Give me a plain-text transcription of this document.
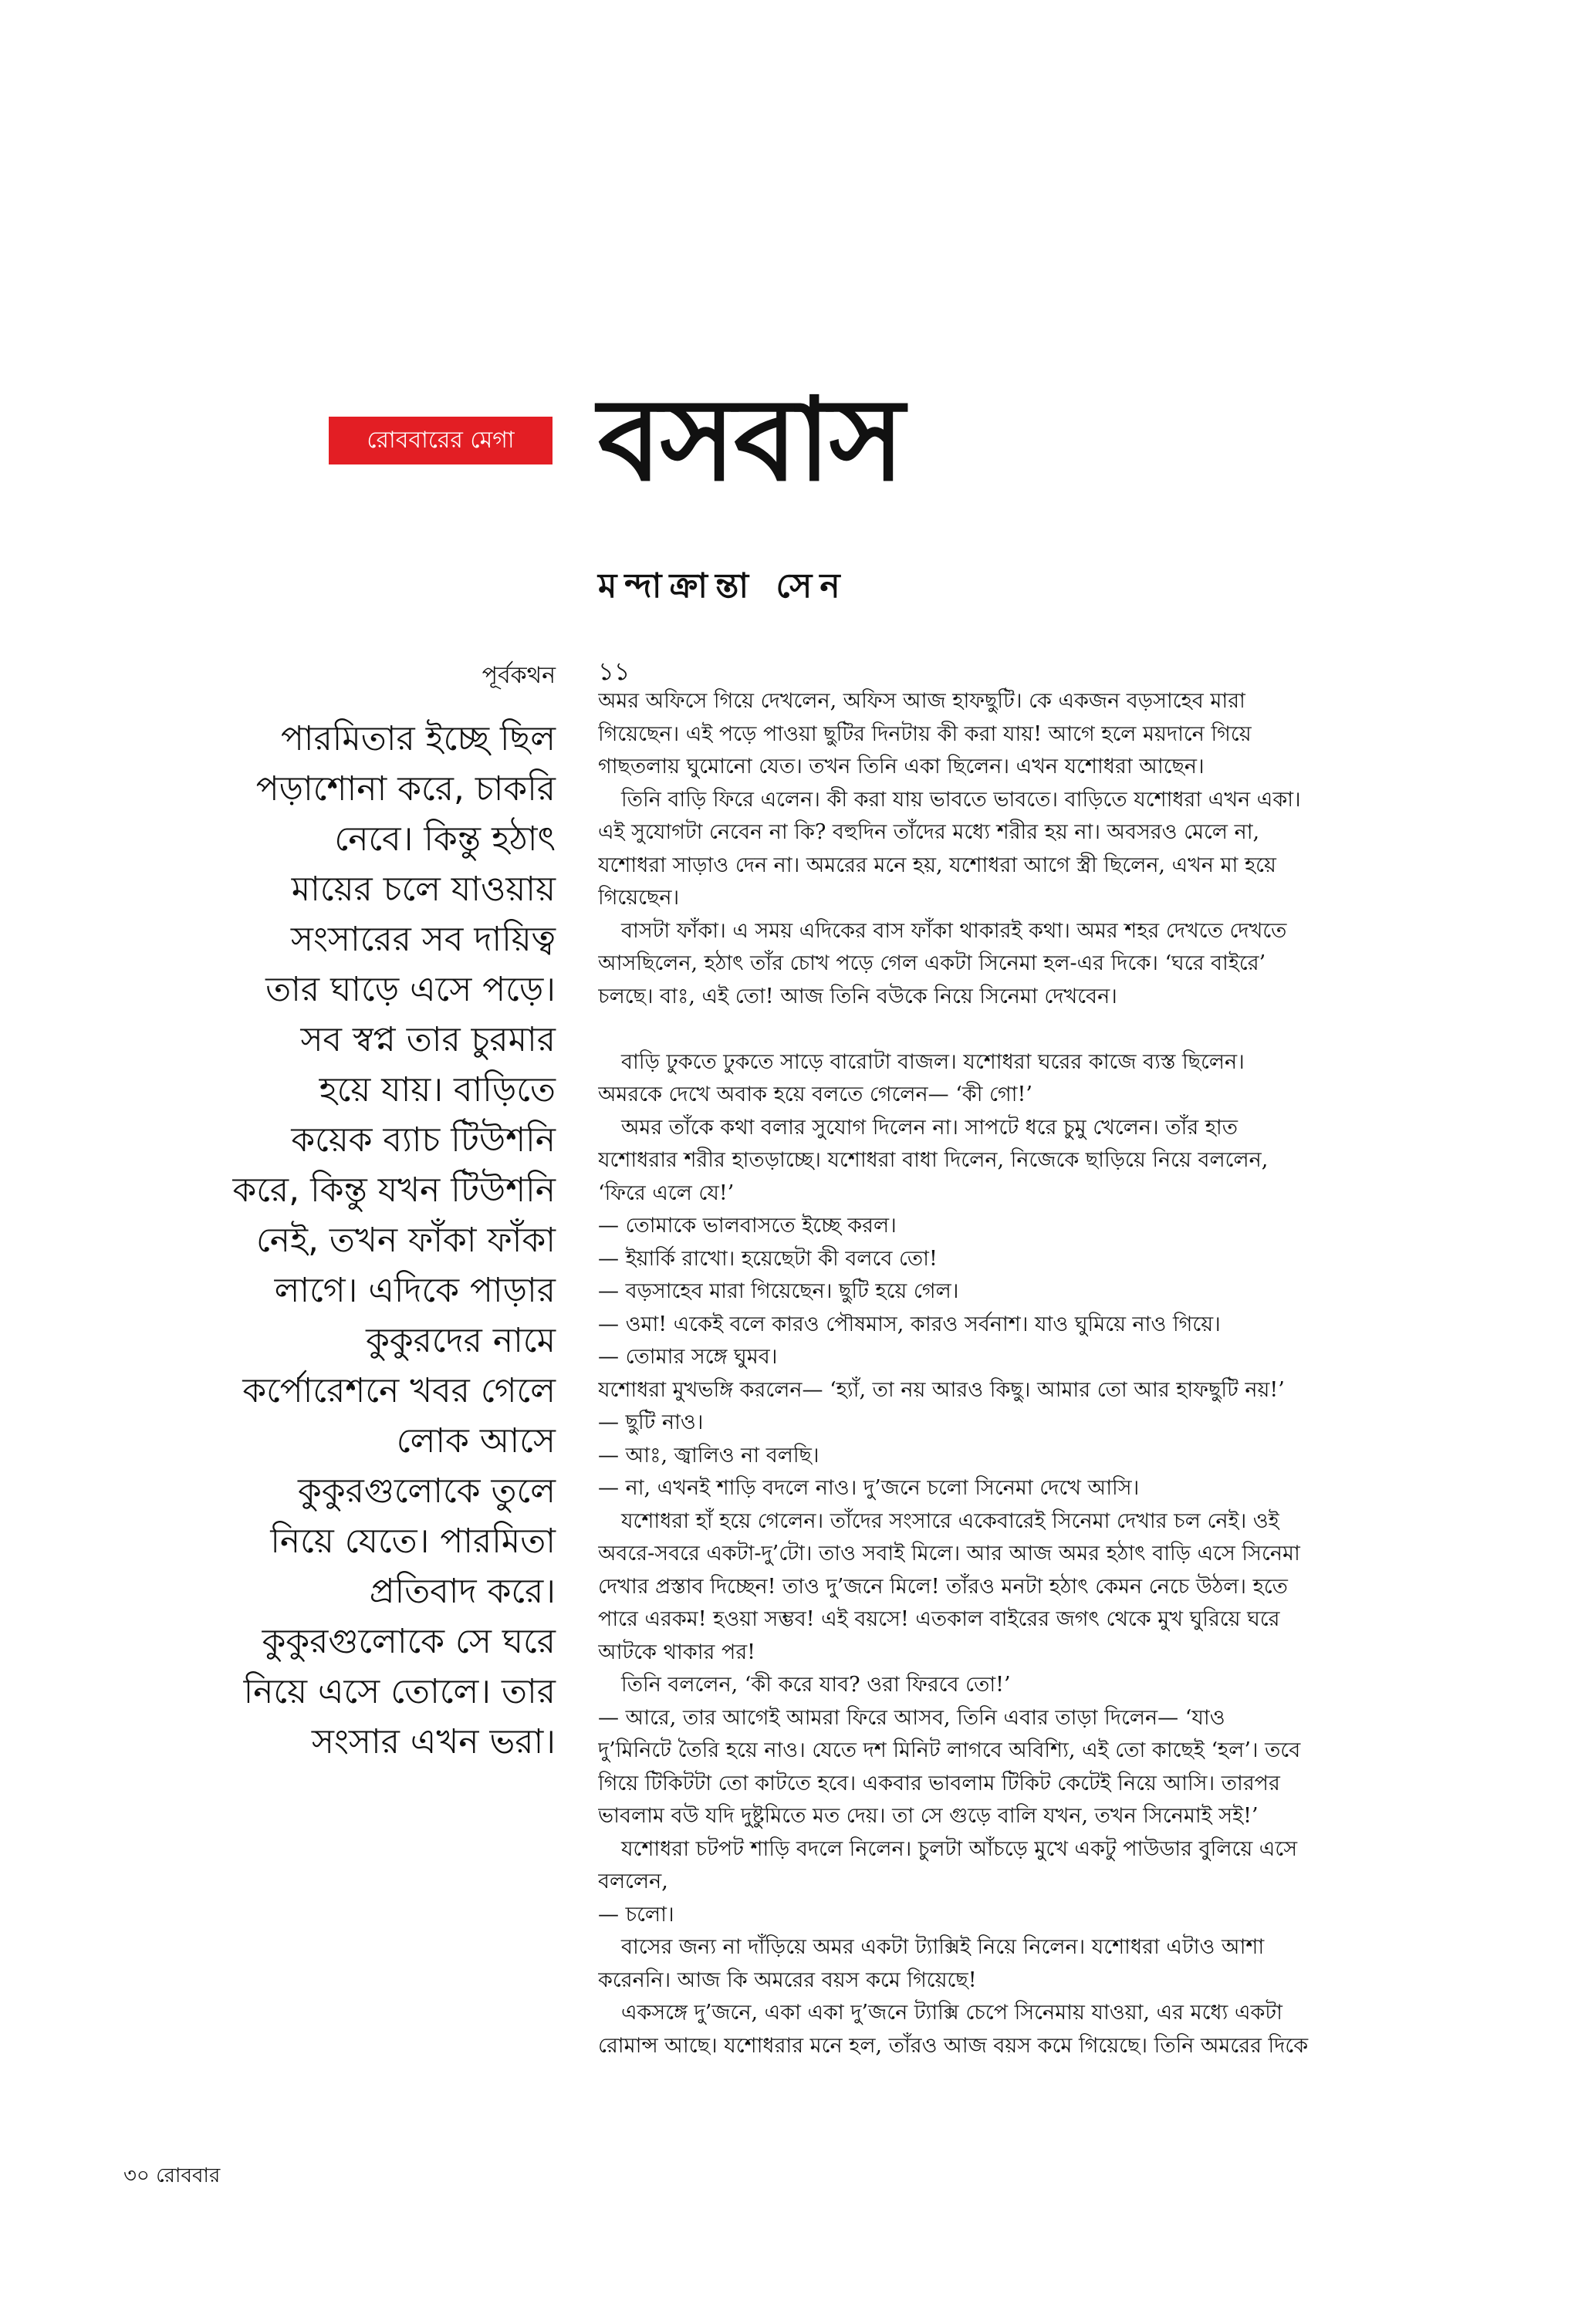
রোববারের মেগা বসবাস
মন্দাক্রান্তা সেন
পূর্বকথন
পারমিতার ইচ্ছে ছিল
পড়াশোনা করে, চাকরি
নেবে। কিন্তু হঠাৎ
মায়ের চলে যাওয়ায়
সংসারের সব দায়িত্ব
তার ঘাড়ে এসে পড়ে।
সব স্বপ্ন তার চুরমার
হয়ে যায়। বাড়িতে
কয়েক ব্যাচ টিউশনি
করে, কিন্তু যখন টিউশনি
নেই, তখন ফাঁকা ফাঁকা
লাগে। এদিকে পাড়ার
কুকুরদের নামে
কর্পোরেশনে খবর গেলে
লোক আসে
কুকুরগুলোকে তুলে
নিয়ে যেতে। পারমিতা
প্রতিবাদ করে।
কুকুরগুলোকে সে ঘরে
নিয়ে এসে তোলে। তার
সংসার এখন ভরা।
১১
অমর অফিসে গিয়ে দেখলেন, অফিস আজ হাফছুটি। কে একজন বড়সাহেব মারা
গিয়েছেন। এই পড়ে পাওয়া ছুটির দিনটায় কী করা যায়! আগে হলে ময়দানে গিয়ে
গাছতলায় ঘুমোনো যেত। তখন তিনি একা ছিলেন। এখন যশোধরা আছেন।
তিনি বাড়ি ফিরে এলেন। কী করা যায় ভাবতে ভাবতে। বাড়িতে যশোধরা এখন একা।
এই সুযোগটা নেবেন না কি? বহুদিন তাঁদের মধ্যে শরীর হয় না। অবসরও মেলে না,
যশোধরা সাড়াও দেন না। অমরের মনে হয়, যশোধরা আগে স্ত্রী ছিলেন, এখন মা হয়ে
গিয়েছেন।
বাসটা ফাঁকা। এ সময় এদিকের বাস ফাঁকা থাকারই কথা। অমর শহর দেখতে দেখতে
আসছিলেন, হঠাৎ তাঁর চোখ পড়ে গেল একটা সিনেমা হল-এর দিকে। ‘ঘরে বাইরে’
চলছে। বাঃ, এই তো! আজ তিনি বউকে নিয়ে সিনেমা দেখবেন।
বাড়ি ঢুকতে ঢুকতে সাড়ে বারোটা বাজল। যশোধরা ঘরের কাজে ব্যস্ত ছিলেন।
অমরকে দেখে অবাক হয়ে বলতে গেলেন— ‘কী গো!’
অমর তাঁকে কথা বলার সুযোগ দিলেন না। সাপটে ধরে চুমু খেলেন। তাঁর হাত
যশোধরার শরীর হাতড়াচ্ছে। যশোধরা বাধা দিলেন, নিজেকে ছাড়িয়ে নিয়ে বললেন,
‘ফিরে এলে যে!’
— তোমাকে ভালবাসতে ইচ্ছে করল।
— ইয়ার্কি রাখো। হয়েছেটা কী বলবে তো!
— বড়সাহেব মারা গিয়েছেন। ছুটি হয়ে গেল।
— ওমা! একেই বলে কারও পৌষমাস, কারও সর্বনাশ। যাও ঘুমিয়ে নাও গিয়ে।
— তোমার সঙ্গে ঘুমব।
যশোধরা মুখভঙ্গি করলেন— ‘হ্যাঁ, তা নয় আরও কিছু। আমার তো আর হাফছুটি নয়!’
— ছুটি নাও।
— আঃ, জ্বালিও না বলছি।
— না, এখনই শাড়ি বদলে নাও। দু’জনে চলো সিনেমা দেখে আসি।
যশোধরা হাঁ হয়ে গেলেন। তাঁদের সংসারে একেবারেই সিনেমা দেখার চল নেই। ওই
অবরে-সবরে একটা-দু’টো। তাও সবাই মিলে। আর আজ অমর হঠাৎ বাড়ি এসে সিনেমা
দেখার প্রস্তাব দিচ্ছেন! তাও দু’জনে মিলে! তাঁরও মনটা হঠাৎ কেমন নেচে উঠল। হতে
পারে এরকম! হওয়া সম্ভব! এই বয়সে! এতকাল বাইরের জগৎ থেকে মুখ ঘুরিয়ে ঘরে
আটকে থাকার পর!
তিনি বললেন, ‘কী করে যাব? ওরা ফিরবে তো!’
— আরে, তার আগেই আমরা ফিরে আসব, তিনি এবার তাড়া দিলেন— ‘যাও
দু’মিনিটে তৈরি হয়ে নাও। যেতে দশ মিনিট লাগবে অবিশ্যি, এই তো কাছেই ‘হল’। তবে
গিয়ে টিকিটটা তো কাটতে হবে। একবার ভাবলাম টিকিট কেটেই নিয়ে আসি। তারপর
ভাবলাম বউ যদি দুষ্টুমিতে মত দেয়। তা সে গুড়ে বালি যখন, তখন সিনেমাই সই!’
যশোধরা চটপট শাড়ি বদলে নিলেন। চুলটা আঁচড়ে মুখে একটু পাউডার বুলিয়ে এসে
বললেন,
— চলো।
বাসের জন্য না দাঁড়িয়ে অমর একটা ট্যাক্সিই নিয়ে নিলেন। যশোধরা এটাও আশা
করেননি। আজ কি অমরের বয়স কমে গিয়েছে!
একসঙ্গে দু’জনে, একা একা দু’জনে ট্যাক্সি চেপে সিনেমায় যাওয়া, এর মধ্যে একটা
রোমান্স আছে। যশোধরার মনে হল, তাঁরও আজ বয়স কমে গিয়েছে। তিনি অমরের দিকে
৩০ রোববার
